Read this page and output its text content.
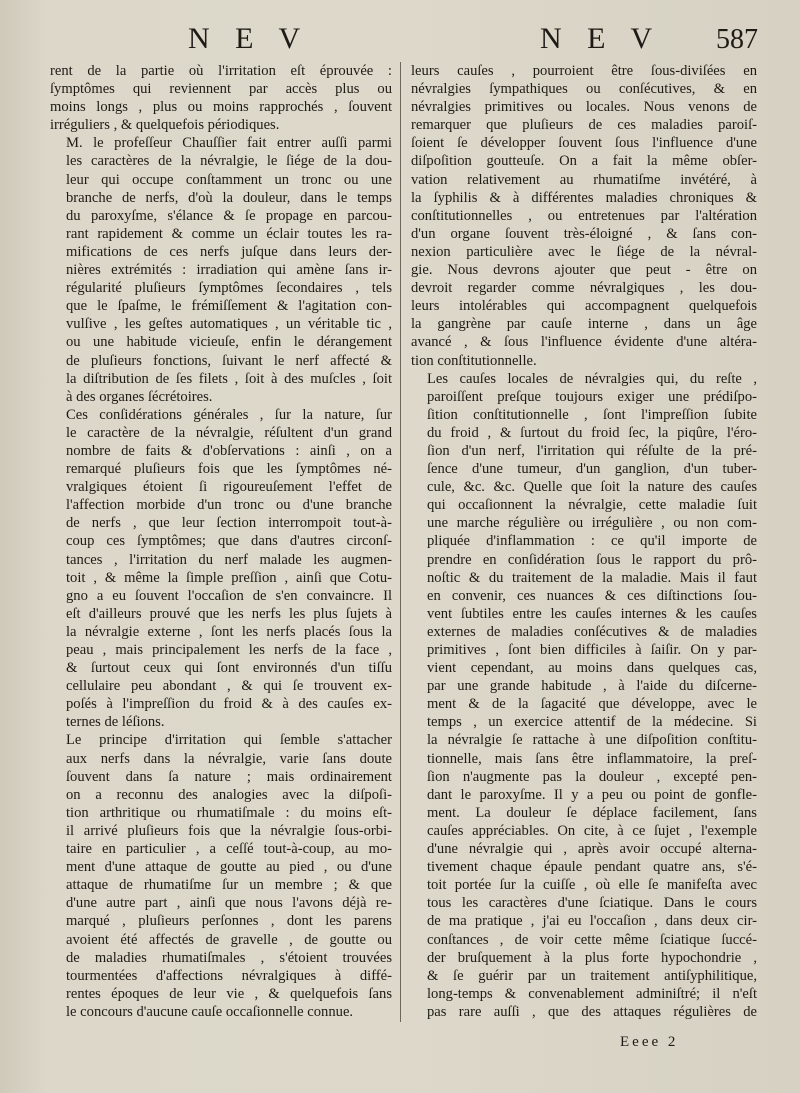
N E V	N E V 587

rent de la partie où l'irritation eſt éprouvée :
ſymptômes qui reviennent par accès plus ou
moins longs , plus ou moins rapprochés , ſouvent
irréguliers , & quelquefois périodiques.

M. le profeſſeur Chauſſier fait entrer auſſi parmi
les caractères de la névralgie, le ſiége de la dou-
leur qui occupe conſtamment un tronc ou une
branche de nerfs, d'où la douleur, dans le temps
du paroxyſme, s'élance & ſe propage en parcou-
rant rapidement & comme un éclair toutes les ra-
mifications de ces nerfs juſque dans leurs der-
nières extrémités : irradiation qui amène ſans ir-
régularité pluſieurs ſymptômes ſecondaires , tels
que le ſpaſme, le frémiſſement & l'agitation con-
vulſive , les geſtes automatiques , un véritable tic ,
ou une habitude vicieuſe, enfin le dérangement
de pluſieurs fonctions, ſuivant le nerf affecté &
la diſtribution de ſes filets , ſoit à des muſcles , ſoit
à des organes ſécrétoires.

Ces conſidérations générales , ſur la nature, ſur
le caractère de la névralgie, réſultent d'un grand
nombre de faits & d'obſervations : ainſi , on a
remarqué pluſieurs fois que les ſymptômes né-
vralgiques étoient ſi rigoureuſement l'effet de
l'affection morbide d'un tronc ou d'une branche
de nerfs , que leur ſection interrompoit tout-à-
coup ces ſymptômes; que dans d'autres circonſ-
tances , l'irritation du nerf malade les augmen-
toit , & même la ſimple preſſion , ainſi que Cotu-
gno a eu ſouvent l'occaſion de s'en convaincre. Il
eſt d'ailleurs prouvé que les nerfs les plus ſujets à
la névralgie externe , ſont les nerfs placés ſous la
peau , mais principalement les nerfs de la face ,
& ſurtout ceux qui ſont environnés d'un tiſſu
cellulaire peu abondant , & qui ſe trouvent ex-
poſés à l'impreſſion du froid & à des cauſes ex-
ternes de léſions.

Le principe d'irritation qui ſemble s'attacher
aux nerfs dans la névralgie, varie ſans doute
ſouvent dans ſa nature ; mais ordinairement
on a reconnu des analogies avec la diſpoſi-
tion arthritique ou rhumatiſmale : du moins eſt-
il arrivé pluſieurs fois que la névralgie ſous-orbi-
taire en particulier , a ceſſé tout-à-coup, au mo-
ment d'une attaque de goutte au pied , ou d'une
attaque de rhumatiſme ſur un membre ; & que
d'une autre part , ainſi que nous l'avons déjà re-
marqué , pluſieurs perſonnes , dont les parens
avoient été affectés de gravelle , de goutte ou
de maladies rhumatiſmales , s'étoient trouvées
tourmentées d'affections névralgiques à diffé-
rentes époques de leur vie , & quelquefois ſans
le concours d'aucune cauſe occaſionnelle connue.

leurs cauſes , pourroient être ſous-diviſées en
névralgies ſympathiques ou conſécutives, & en
névralgies primitives ou locales. Nous venons de
remarquer que pluſieurs de ces maladies paroiſ-
ſoient ſe développer ſouvent ſous l'influence d'une
diſpoſition goutteuſe. On a fait la même obſer-
vation relativement au rhumatiſme invétéré, à
la ſyphilis & à différentes maladies chroniques &
conſtitutionnelles , ou entretenues par l'altération
d'un organe ſouvent très-éloigné , & ſans con-
nexion particulière avec le ſiége de la névral-
gie. Nous devrons ajouter que peut - être on
devroit regarder comme névralgiques , les dou-
leurs intolérables qui accompagnent quelquefois
la gangrène par cauſe interne , dans un âge
avancé , & ſous l'influence évidente d'une altéra-
tion conſtitutionnelle.

Les cauſes locales de névralgies qui, du reſte ,
paroiſſent preſque toujours exiger une prédiſpo-
ſition conſtitutionnelle , ſont l'impreſſion ſubite
du froid , & ſurtout du froid ſec, la piqûre, l'éro-
ſion d'un nerf, l'irritation qui réſulte de la pré-
ſence d'une tumeur, d'un ganglion, d'un tuber-
cule, &c. &c. Quelle que ſoit la nature des cauſes
qui occaſionnent la névralgie, cette maladie ſuit
une marche régulière ou irrégulière , ou non com-
pliquée d'inflammation : ce qu'il importe de
prendre en conſidération ſous le rapport du prô-
noſtic & du traitement de la maladie. Mais il faut
en convenir, ces nuances & ces diſtinctions ſou-
vent ſubtiles entre les cauſes internes & les cauſes
externes de maladies conſécutives & de maladies
primitives , ſont bien difficiles à ſaiſir. On y par-
vient cependant, au moins dans quelques cas,
par une grande habitude , à l'aide du diſcerne-
ment & de la ſagacité que développe, avec le
temps , un exercice attentif de la médecine. Si
la névralgie ſe rattache à une diſpoſition conſtitu-
tionnelle, mais ſans être inflammatoire, la preſ-
ſion n'augmente pas la douleur , excepté pen-
dant le paroxyſme. Il y a peu ou point de gonfle-
ment. La douleur ſe déplace facilement, ſans
cauſes appréciables. On cite, à ce ſujet , l'exemple
d'une névralgie qui , après avoir occupé alterna-
tivement chaque épaule pendant quatre ans, s'é-
toit portée ſur la cuiſſe , où elle ſe manifeſta avec
tous les caractères d'une ſciatique. Dans le cours
de ma pratique , j'ai eu l'occaſion , dans deux cir-
conſtances , de voir cette même ſciatique ſuccé-
der bruſquement à la plus forte hypochondrie ,
& ſe guérir par un traitement antiſyphilitique,
long-temps & convenablement adminiſtré; il n'eſt
pas rare auſſi , que des attaques régulières de

Eeee 2
